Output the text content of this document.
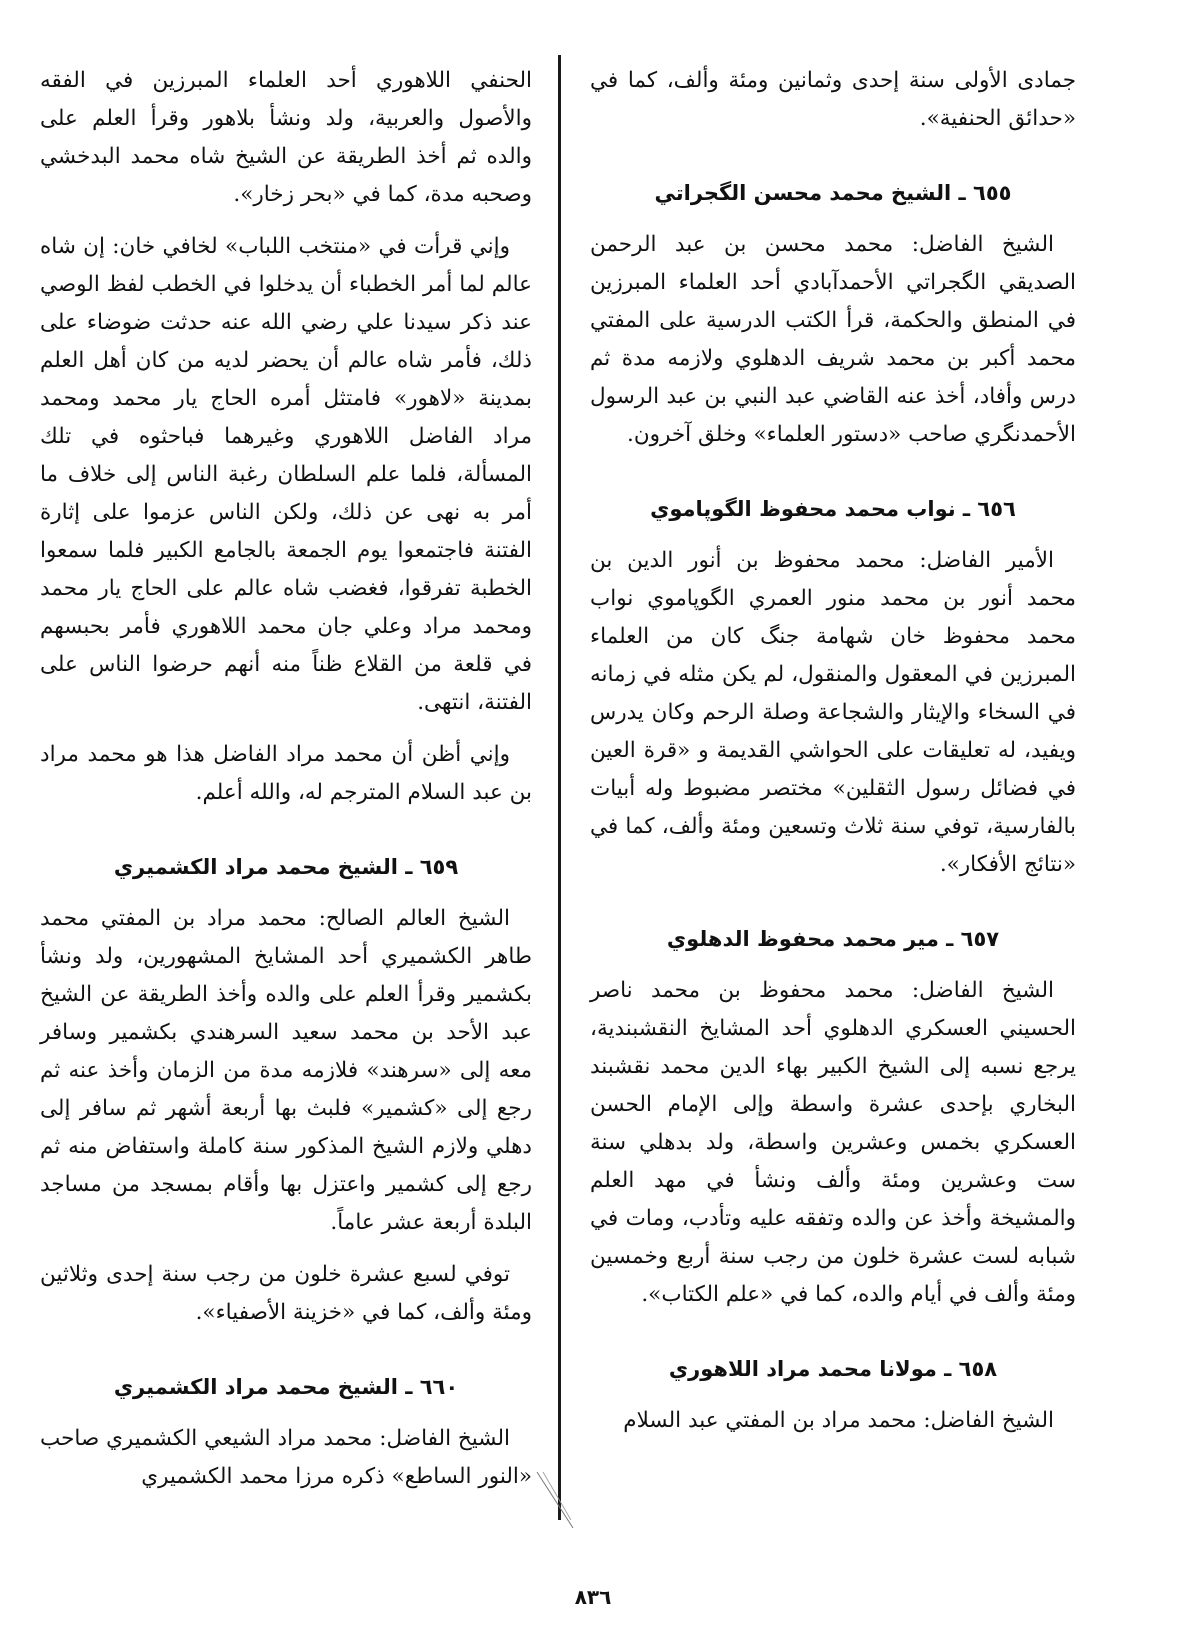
جمادى الأولى سنة إحدى وثمانين ومئة وألف، كما في «حدائق الحنفية».

٦٥٥ ـ الشيخ محمد محسن الگجراتي

الشيخ الفاضل: محمد محسن بن عبد الرحمن الصديقي الگجراتي الأحمدآبادي أحد العلماء المبرزين في المنطق والحكمة، قرأ الكتب الدرسية على المفتي محمد أكبر بن محمد شريف الدهلوي ولازمه مدة ثم درس وأفاد، أخذ عنه القاضي عبد النبي بن عبد الرسول الأحمدنگري صاحب «دستور العلماء» وخلق آخرون.

٦٥٦ ـ نواب محمد محفوظ الگوپاموي

الأمير الفاضل: محمد محفوظ بن أنور الدين بن محمد أنور بن محمد منور العمري الگوپاموي نواب محمد محفوظ خان شهامة جنگ كان من العلماء المبرزين في المعقول والمنقول، لم يكن مثله في زمانه في السخاء والإيثار والشجاعة وصلة الرحم وكان يدرس ويفيد، له تعليقات على الحواشي القديمة و «قرة العين في فضائل رسول الثقلين» مختصر مضبوط وله أبيات بالفارسية، توفي سنة ثلاث وتسعين ومئة وألف، كما في «نتائج الأفكار».

٦٥٧ ـ مير محمد محفوظ الدهلوي

الشيخ الفاضل: محمد محفوظ بن محمد ناصر الحسيني العسكري الدهلوي أحد المشايخ النقشبندية، يرجع نسبه إلى الشيخ الكبير بهاء الدين محمد نقشبند البخاري بإحدى عشرة واسطة وإلى الإمام الحسن العسكري بخمس وعشرين واسطة، ولد بدهلي سنة ست وعشرين ومئة وألف ونشأ في مهد العلم والمشيخة وأخذ عن والده وتفقه عليه وتأدب، ومات في شبابه لست عشرة خلون من رجب سنة أربع وخمسين ومئة وألف في أيام والده، كما في «علم الكتاب».

٦٥٨ ـ مولانا محمد مراد اللاهوري

الشيخ الفاضل: محمد مراد بن المفتي عبد السلام

الحنفي اللاهوري أحد العلماء المبرزين في الفقه والأصول والعربية، ولد ونشأ بلاهور وقرأ العلم على والده ثم أخذ الطريقة عن الشيخ شاه محمد البدخشي وصحبه مدة، كما في «بحر زخار».

وإني قرأت في «منتخب اللباب» لخافي خان: إن شاه عالم لما أمر الخطباء أن يدخلوا في الخطب لفظ الوصي عند ذكر سيدنا علي رضي الله عنه حدثت ضوضاء على ذلك، فأمر شاه عالم أن يحضر لديه من كان أهل العلم بمدينة «لاهور» فامتثل أمره الحاج يار محمد ومحمد مراد الفاضل اللاهوري وغيرهما فباحثوه في تلك المسألة، فلما علم السلطان رغبة الناس إلى خلاف ما أمر به نهى عن ذلك، ولكن الناس عزموا على إثارة الفتنة فاجتمعوا يوم الجمعة بالجامع الكبير فلما سمعوا الخطبة تفرقوا، فغضب شاه عالم على الحاج يار محمد ومحمد مراد وعلي جان محمد اللاهوري فأمر بحبسهم في قلعة من القلاع ظناً منه أنهم حرضوا الناس على الفتنة، انتهى.

وإني أظن أن محمد مراد الفاضل هذا هو محمد مراد بن عبد السلام المترجم له، والله أعلم.

٦٥٩ ـ الشيخ محمد مراد الكشميري

الشيخ العالم الصالح: محمد مراد بن المفتي محمد طاهر الكشميري أحد المشايخ المشهورين، ولد ونشأ بكشمير وقرأ العلم على والده وأخذ الطريقة عن الشيخ عبد الأحد بن محمد سعيد السرهندي بكشمير وسافر معه إلى «سرهند» فلازمه مدة من الزمان وأخذ عنه ثم رجع إلى «كشمير» فلبث بها أربعة أشهر ثم سافر إلى دهلي ولازم الشيخ المذكور سنة كاملة واستفاض منه ثم رجع إلى كشمير واعتزل بها وأقام بمسجد من مساجد البلدة أربعة عشر عاماً.

توفي لسبع عشرة خلون من رجب سنة إحدى وثلاثين ومئة وألف، كما في «خزينة الأصفياء».

٦٦٠ ـ الشيخ محمد مراد الكشميري

الشيخ الفاضل: محمد مراد الشيعي الكشميري صاحب «النور الساطع» ذكره مرزا محمد الكشميري

٨٣٦
